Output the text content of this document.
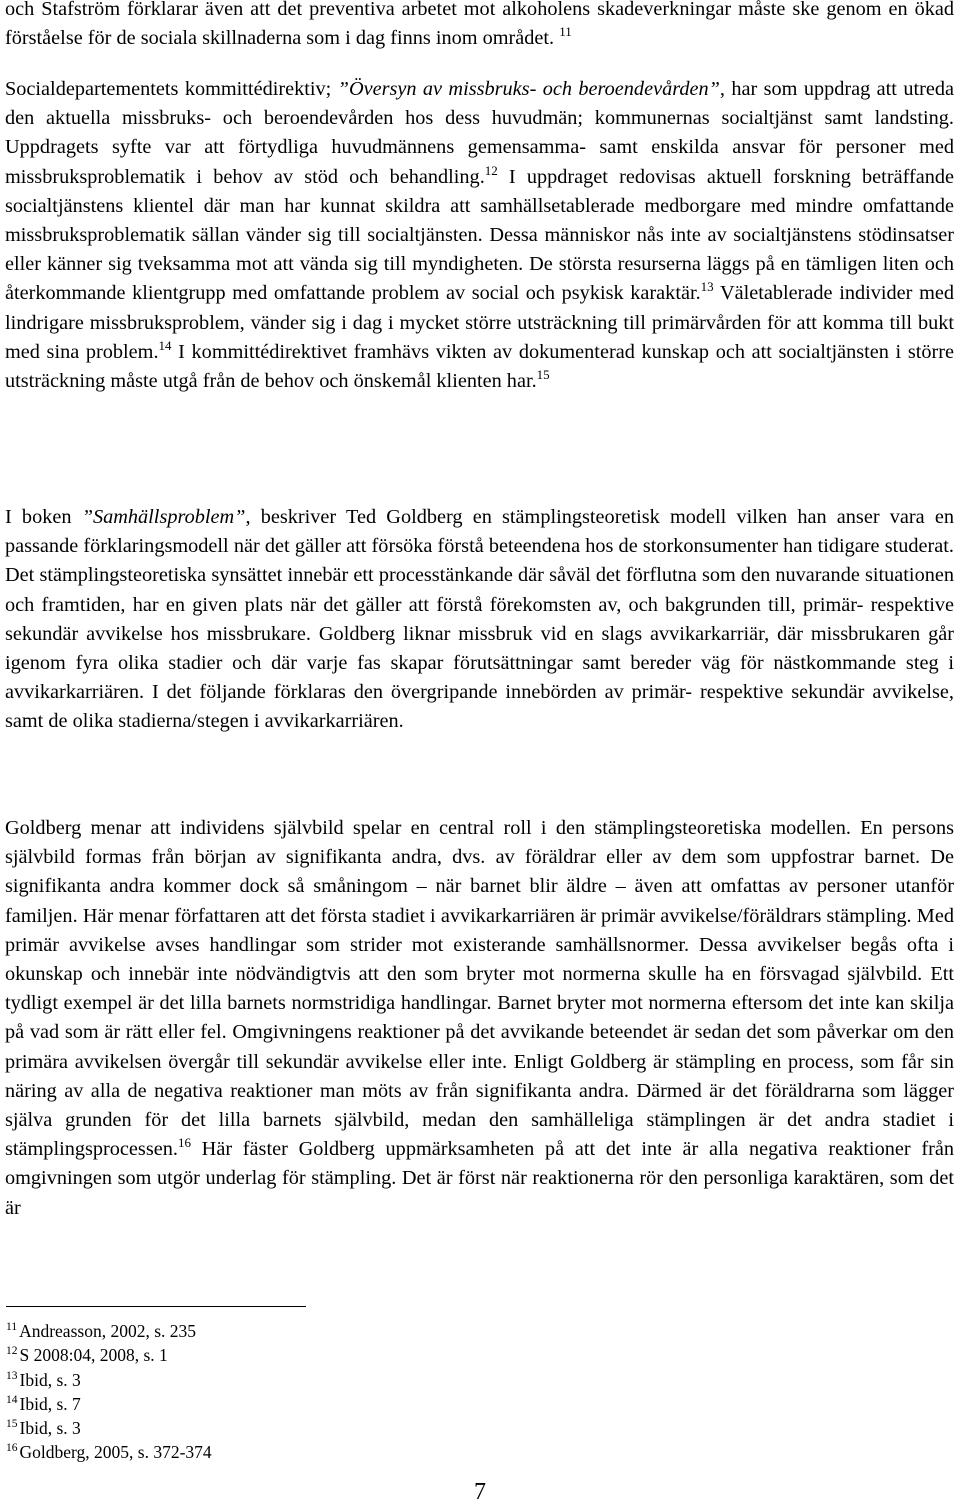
och Stafström förklarar även att det preventiva arbetet mot alkoholens skadeverkningar måste ske genom en ökad förståelse för de sociala skillnaderna som i dag finns inom området. $^{11}$

Socialdepartementets kommittédirektiv; ”Översyn av missbruks- och beroendevården”, har som uppdrag att utreda den aktuella missbruks- och beroendevården hos dess huvudmän; kommunernas socialtjänst samt landsting. Uppdragets syfte var att förtydliga huvudmännens gemensamma- samt enskilda ansvar för personer med missbruksproblematik i behov av stöd och behandling.$^{12}$ I uppdraget redovisas aktuell forskning beträffande socialtjänstens klientel där man har kunnat skildra att samhällsetablerade medborgare med mindre omfattande missbruksproblematik sällan vänder sig till socialtjänsten. Dessa människor nås inte av socialtjänstens stödinsatser eller känner sig tveksamma mot att vända sig till myndigheten. De största resurserna läggs på en tämligen liten och återkommande klientgrupp med omfattande problem av social och psykisk karaktär.$^{13}$ Väletablerade individer med lindrigare missbruksproblem, vänder sig i dag i mycket större utsträckning till primärvården för att komma till bukt med sina problem.$^{14}$ I kommittédirektivet framhävs vikten av dokumenterad kunskap och att socialtjänsten i större utsträckning måste utgå från de behov och önskemål klienten har.$^{15}$

I boken ”Samhällsproblem”, beskriver Ted Goldberg en stämplingsteoretisk modell vilken han anser vara en passande förklaringsmodell när det gäller att försöka förstå beteendena hos de storkonsumenter han tidigare studerat. Det stämplingsteoretiska synsättet innebär ett processtänkande där såväl det förflutna som den nuvarande situationen och framtiden, har en given plats när det gäller att förstå förekomsten av, och bakgrunden till, primär- respektive sekundär avvikelse hos missbrukare. Goldberg liknar missbruk vid en slags avvikarkarriär, där missbrukaren går igenom fyra olika stadier och där varje fas skapar förutsättningar samt bereder väg för nästkommande steg i avvikarkarriären. I det följande förklaras den övergripande innebörden av primär- respektive sekundär avvikelse, samt de olika stadierna/stegen i avvikarkarriären.

Goldberg menar att individens självbild spelar en central roll i den stämplingsteoretiska modellen. En persons självbild formas från början av signifikanta andra, dvs. av föräldrar eller av dem som uppfostrar barnet. De signifikanta andra kommer dock så småningom – när barnet blir äldre – även att omfattas av personer utanför familjen. Här menar författaren att det första stadiet i avvikarkarriären är primär avvikelse/föräldrars stämpling. Med primär avvikelse avses handlingar som strider mot existerande samhällsnormer. Dessa avvikelser begås ofta i okunskap och innebär inte nödvändigtvis att den som bryter mot normerna skulle ha en försvagad självbild. Ett tydligt exempel är det lilla barnets normstridiga handlingar. Barnet bryter mot normerna eftersom det inte kan skilja på vad som är rätt eller fel. Omgivningens reaktioner på det avvikande beteendet är sedan det som påverkar om den primära avvikelsen övergår till sekundär avvikelse eller inte. Enligt Goldberg är stämpling en process, som får sin näring av alla de negativa reaktioner man möts av från signifikanta andra. Därmed är det föräldrarna som lägger själva grunden för det lilla barnets självbild, medan den samhälleliga stämplingen är det andra stadiet i stämplingsprocessen.$^{16}$ Här fäster Goldberg uppmärksamheten på att det inte är alla negativa reaktioner från omgivningen som utgör underlag för stämpling. Det är först när reaktionerna rör den personliga karaktären, som det är

$^{11}$ Andreasson, 2002, s. 235
$^{12}$ S 2008:04, 2008, s. 1
$^{13}$ Ibid, s. 3
$^{14}$ Ibid, s. 7
$^{15}$ Ibid, s. 3
$^{16}$ Goldberg, 2005, s. 372-374
7
